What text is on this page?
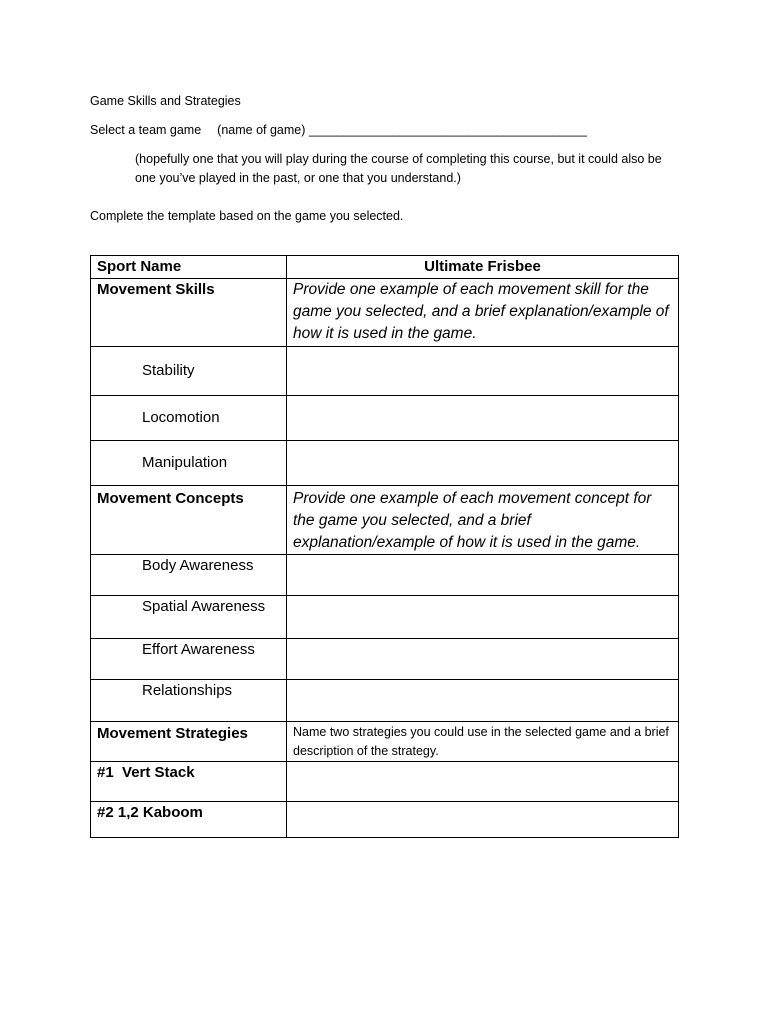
Game Skills and Strategies
Select a team game (name of game) ________________________________________
(hopefully one that you will play during the course of completing this course, but it could also be one you’ve played in the past, or one that you understand.)
Complete the template based on the game you selected.
Sport Name	Ultimate Frisbee
Movement Skills	Provide one example of each movement skill for the game you selected, and a brief explanation/example of how it is used in the game.
Stability	
Locomotion	
Manipulation	
Movement Concepts	Provide one example of each movement concept for the game you selected, and a brief explanation/example of how it is used in the game.
Body Awareness	
Spatial Awareness	
Effort Awareness	
Relationships	
Movement Strategies	Name two strategies you could use in the selected game and a brief description of the strategy.
#1  Vert Stack	
#2 1,2 Kaboom	
